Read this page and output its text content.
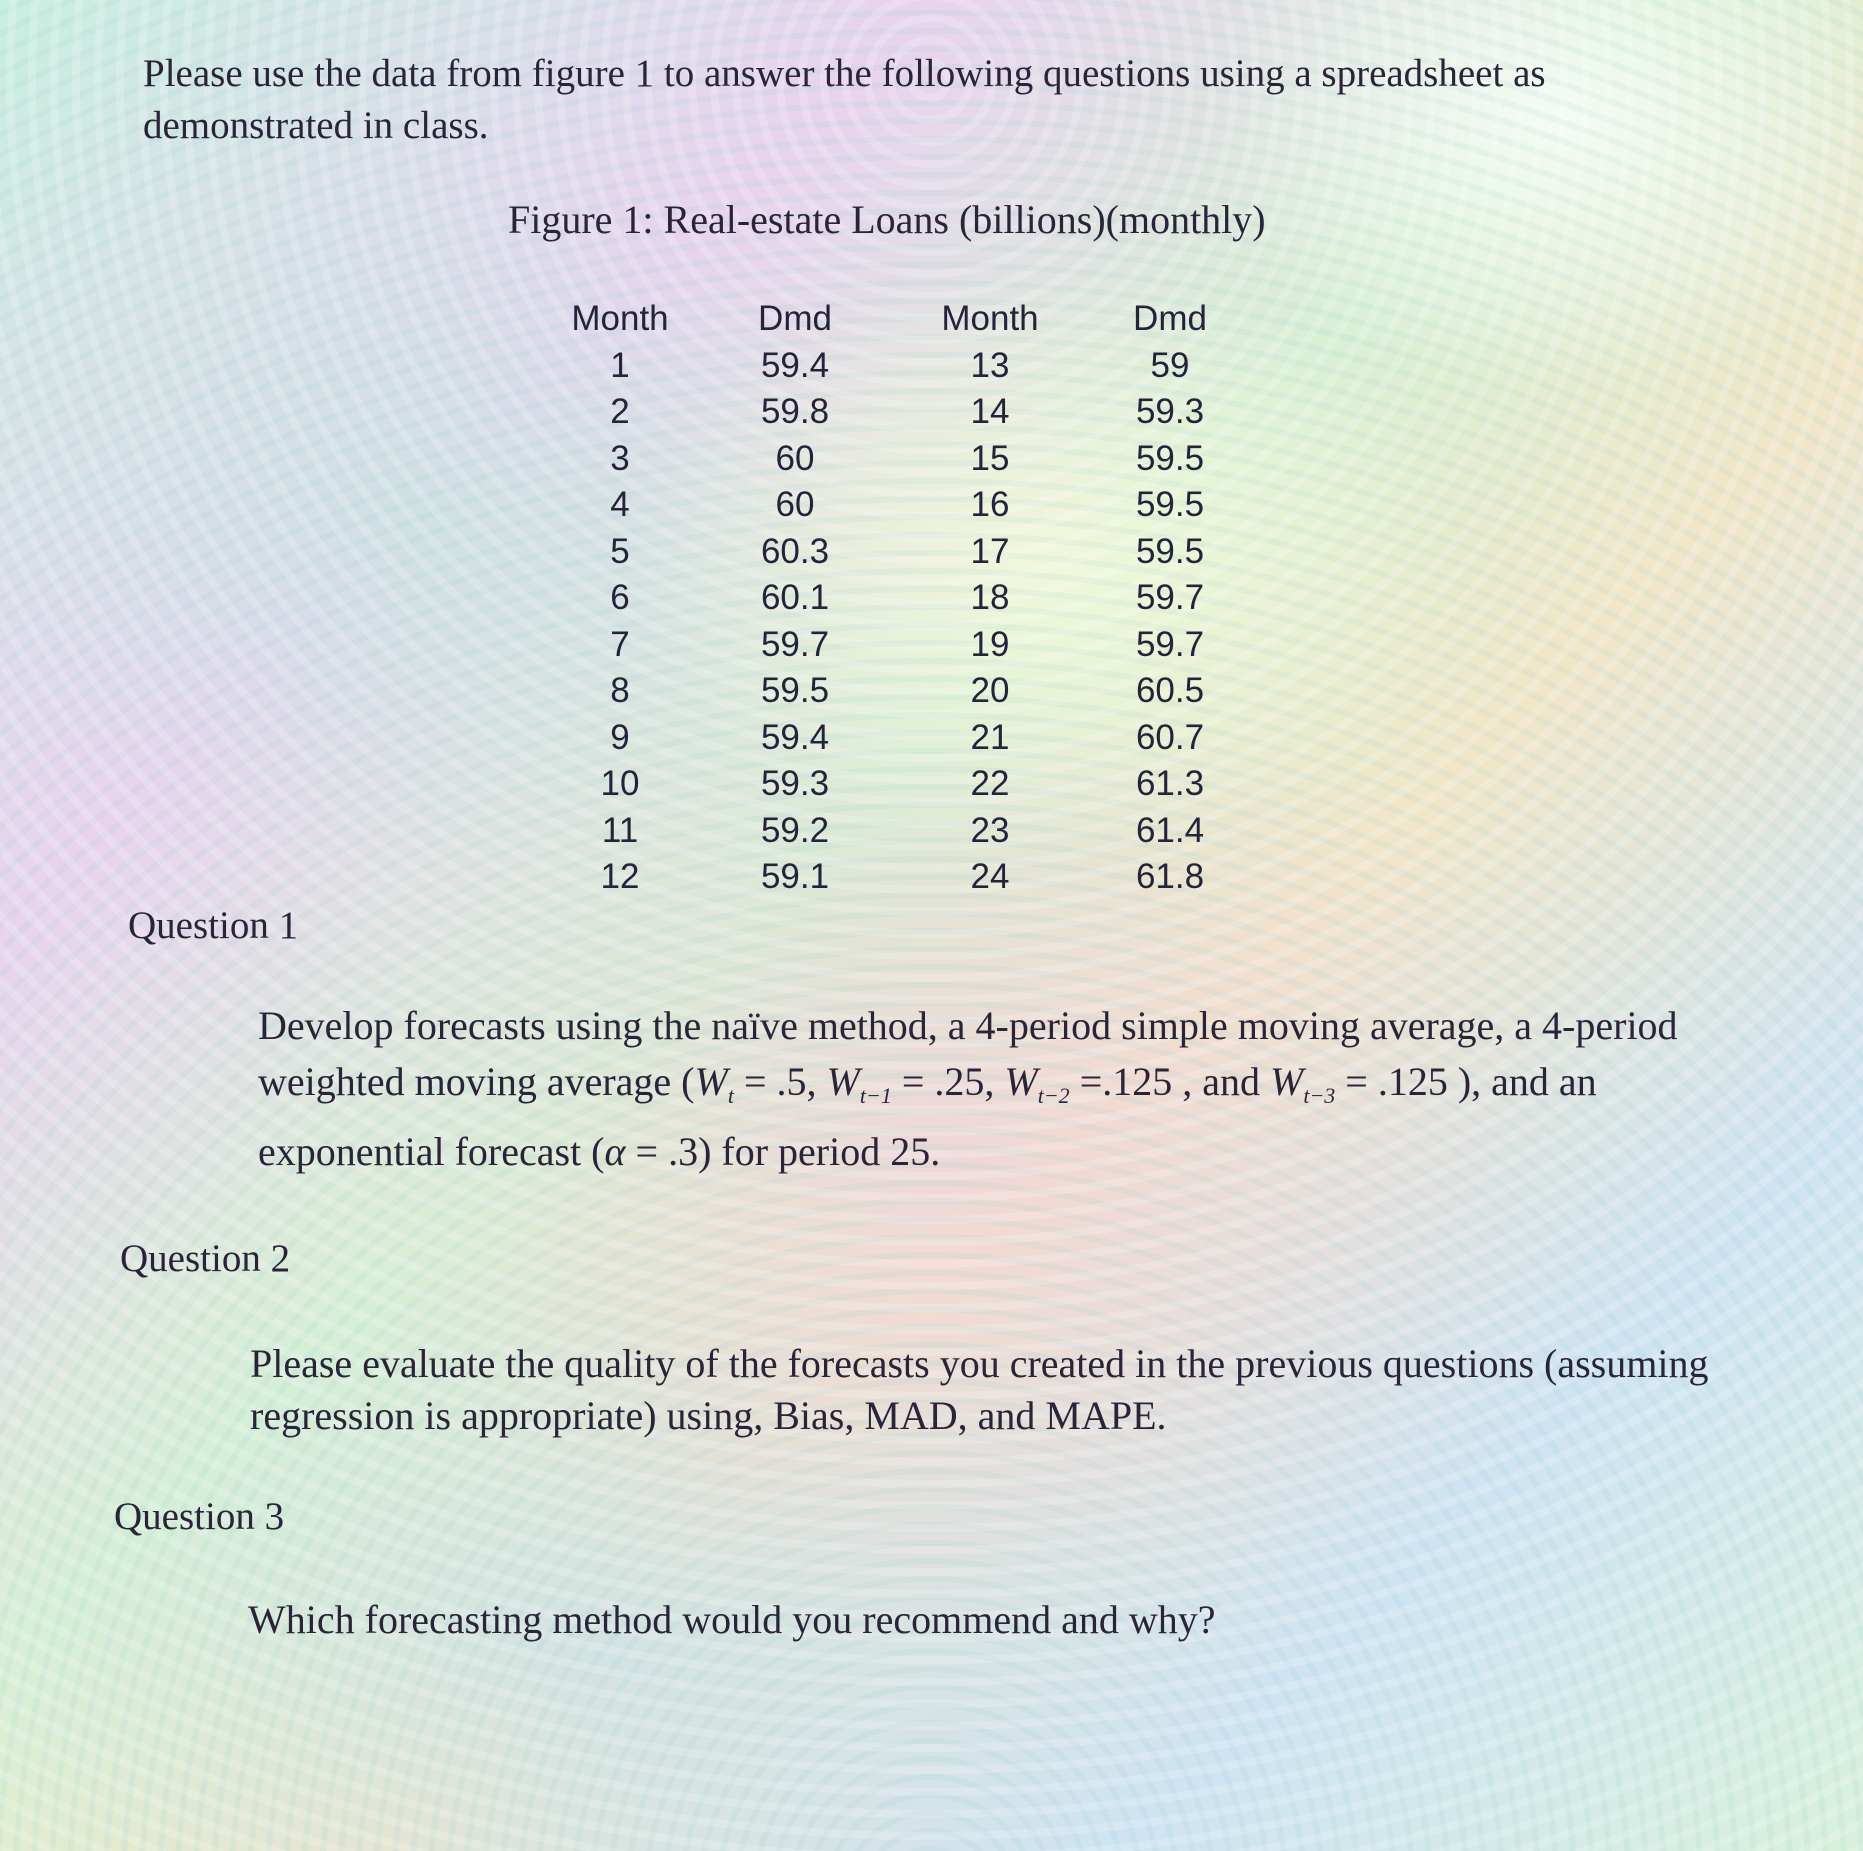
Please use the data from figure 1 to answer the following questions using a spreadsheet as demonstrated in class.

Figure 1: Real-estate Loans (billions)(monthly)

Month	Dmd	Month	Dmd
1	59.4	13	59
2	59.8	14	59.3
3	60	15	59.5
4	60	16	59.5
5	60.3	17	59.5
6	60.1	18	59.7
7	59.7	19	59.7
8	59.5	20	60.5
9	59.4	21	60.7
10	59.3	22	61.3
11	59.2	23	61.4
12	59.1	24	61.8

Question 1

Develop forecasts using the naïve method, a 4-period simple moving average, a 4-period weighted moving average ($W_t = .5$, $W_{t-1} = .25$, $W_{t-2} =.125$ , and $W_{t-3} = .125$ ), and an exponential forecast (α = .3) for period 25.

Question 2

Please evaluate the quality of the forecasts you created in the previous questions (assuming regression is appropriate) using, Bias, MAD, and MAPE.

Question 3

Which forecasting method would you recommend and why?
